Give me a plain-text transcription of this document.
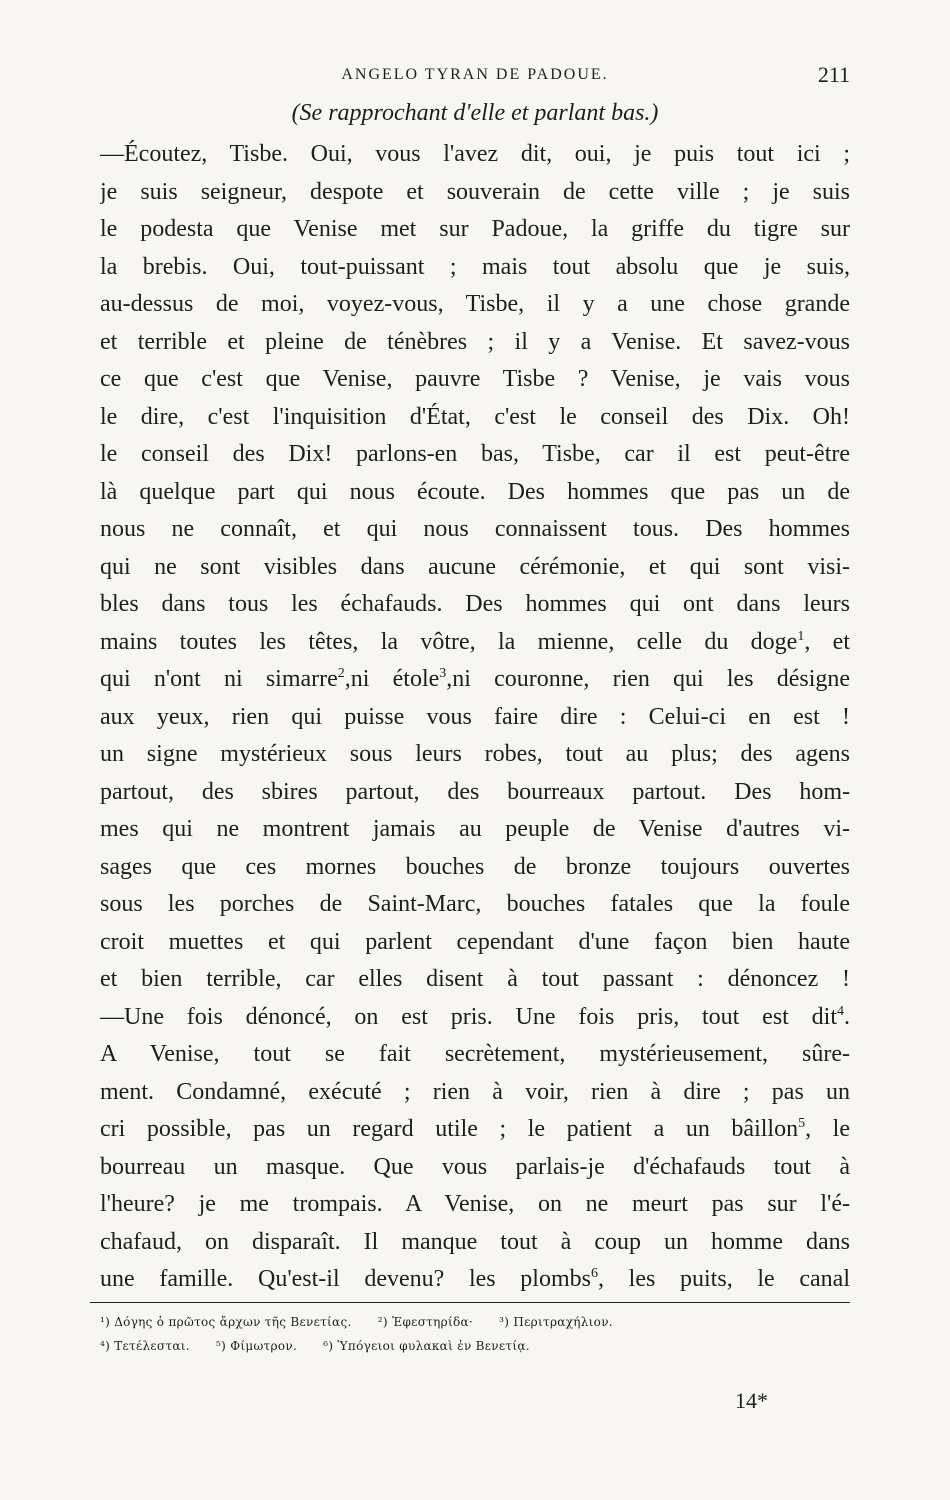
ANGELO TYRAN DE PADOUE.	211
(Se rapprochant d'elle et parlant bas.)
—Écoutez, Tisbe. Oui, vous l'avez dit, oui, je puis tout ici ;
je suis seigneur, despote et souverain de cette ville ; je suis
le podesta que Venise met sur Padoue, la griffe du tigre sur
la brebis. Oui, tout-puissant ; mais tout absolu que je suis,
au-dessus de moi, voyez-vous, Tisbe, il y a une chose grande
et terrible et pleine de ténèbres ; il y a Venise. Et savez-vous
ce que c'est que Venise, pauvre Tisbe ? Venise, je vais vous
le dire, c'est l'inquisition d'État, c'est le conseil des Dix. Oh!
le conseil des Dix! parlons-en bas, Tisbe, car il est peut-être
là quelque part qui nous écoute. Des hommes que pas un de
nous ne connaît, et qui nous connaissent tous. Des hommes
qui ne sont visibles dans aucune cérémonie, et qui sont visi-
bles dans tous les échafauds. Des hommes qui ont dans leurs
mains toutes les têtes, la vôtre, la mienne, celle du doge$^1$, et
qui n'ont ni simarre$^2$,ni étole$^3$,ni couronne, rien qui les désigne
aux yeux, rien qui puisse vous faire dire : Celui-ci en est !
un signe mystérieux sous leurs robes, tout au plus; des agens
partout, des sbires partout, des bourreaux partout. Des hom-
mes qui ne montrent jamais au peuple de Venise d'autres vi-
sages que ces mornes bouches de bronze toujours ouvertes
sous les porches de Saint-Marc, bouches fatales que la foule
croit muettes et qui parlent cependant d'une façon bien haute
et bien terrible, car elles disent à tout passant : dénoncez !
—Une fois dénoncé, on est pris. Une fois pris, tout est dit$^4$.
A Venise, tout se fait secrètement, mystérieusement, sûre-
ment. Condamné, exécuté ; rien à voir, rien à dire ; pas un
cri possible, pas un regard utile ; le patient a un bâillon$^5$, le
bourreau un masque. Que vous parlais-je d'échafauds tout à
l'heure? je me trompais. A Venise, on ne meurt pas sur l'é-
chafaud, on disparaît. Il manque tout à coup un homme dans
une famille. Qu'est-il devenu? les plombs$^6$, les puits, le canal
¹) Δόγης ὁ πρῶτος ἄρχων τῆς Βενετίας. ²) Ἐφεστηρίδα· ³) Περιτραχήλιον.
⁴) Τετέλεσται. ⁵) Φίμωτρον. ⁶) Ὑπόγειοι φυλακαὶ ἐν Βενετίᾳ.
14*
